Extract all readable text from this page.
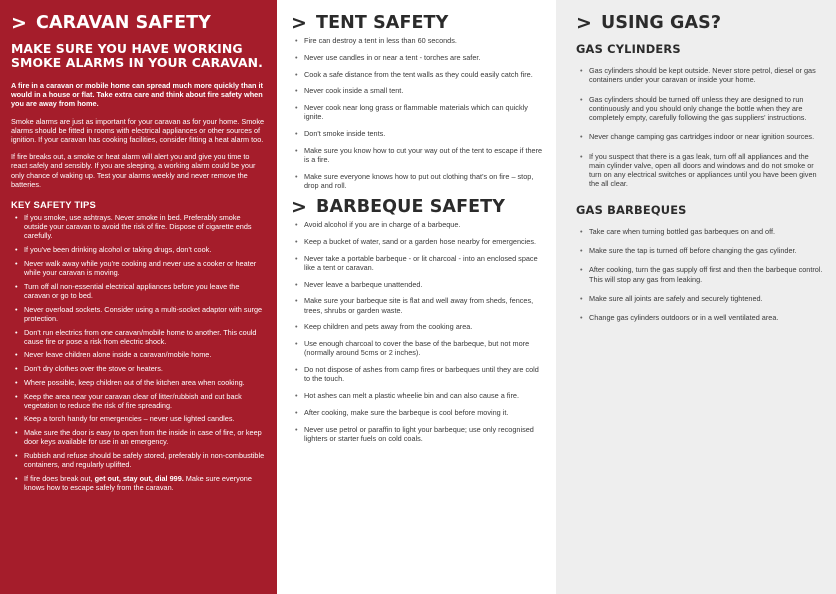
> CARAVAN SAFETY
MAKE SURE YOU HAVE WORKING SMOKE ALARMS IN YOUR CARAVAN.

A fire in a caravan or mobile home can spread much more quickly than it would in a house or flat. Take extra care and think about fire safety when you are away from home.

Smoke alarms are just as important for your caravan as for your home. Smoke alarms should be fitted in rooms with electrical appliances or other sources of ignition. If your caravan has cooking facilities, consider fitting a heat alarm too.

If fire breaks out, a smoke or heat alarm will alert you and give you time to react safely and sensibly. If you are sleeping, a working alarm could be your only chance of waking up. Test your alarms weekly and never remove the batteries.

KEY SAFETY TIPS
• If you smoke, use ashtrays. Never smoke in bed. Preferably smoke outside your caravan to avoid the risk of fire. Dispose of cigarette ends carefully.
• If you've been drinking alcohol or taking drugs, don't cook.
• Never walk away while you're cooking and never use a cooker or heater while your caravan is moving.
• Turn off all non-essential electrical appliances before you leave the caravan or go to bed.
• Never overload sockets. Consider using a multi-socket adaptor with surge protection.
• Don't run electrics from one caravan/mobile home to another. This could cause fire or pose a risk from electric shock.
• Never leave children alone inside a caravan/mobile home.
• Don't dry clothes over the stove or heaters.
• Where possible, keep children out of the kitchen area when cooking.
• Keep the area near your caravan clear of litter/rubbish and cut back vegetation to reduce the risk of fire spreading.
• Keep a torch handy for emergencies – never use lighted candles.
• Make sure the door is easy to open from the inside in case of fire, or keep door keys available for use in an emergency.
• Rubbish and refuse should be safely stored, preferably in non-combustible containers, and regularly uplifted.
• If fire does break out, get out, stay out, dial 999. Make sure everyone knows how to escape safely from the caravan.
> TENT SAFETY
• Fire can destroy a tent in less than 60 seconds.
• Never use candles in or near a tent - torches are safer.
• Cook a safe distance from the tent walls as they could easily catch fire.
• Never cook inside a small tent.
• Never cook near long grass or flammable materials which can quickly ignite.
• Don't smoke inside tents.
• Make sure you know how to cut your way out of the tent to escape if there is a fire.
• Make sure everyone knows how to put out clothing that's on fire – stop, drop and roll.
> BARBEQUE SAFETY
• Avoid alcohol if you are in charge of a barbeque.
• Keep a bucket of water, sand or a garden hose nearby for emergencies.
• Never take a portable barbeque - or lit charcoal - into an enclosed space like a tent or caravan.
• Never leave a barbeque unattended.
• Make sure your barbeque site is flat and well away from sheds, fences, trees, shrubs or garden waste.
• Keep children and pets away from the cooking area.
• Use enough charcoal to cover the base of the barbeque, but not more (normally around 5cms or 2 inches).
• Do not dispose of ashes from camp fires or barbeques until they are cold to the touch.
• Hot ashes can melt a plastic wheelie bin and can also cause a fire.
• After cooking, make sure the barbeque is cool before moving it.
• Never use petrol or paraffin to light your barbeque; use only recognised lighters or starter fuels on cold coals.
> USING GAS?
GAS CYLINDERS
• Gas cylinders should be kept outside. Never store petrol, diesel or gas containers under your caravan or inside your home.
• Gas cylinders should be turned off unless they are designed to run continuously and you should only change the bottle when they are completely empty, carefully following the gas suppliers' instructions.
• Never change camping gas cartridges indoor or near ignition sources.
• If you suspect that there is a gas leak, turn off all appliances and the main cylinder valve, open all doors and windows and do not smoke or turn on any electrical switches or appliances until you have been given the all clear.
GAS BARBEQUES
• Take care when turning bottled gas barbeques on and off.
• Make sure the tap is turned off before changing the gas cylinder.
• After cooking, turn the gas supply off first and then the barbeque control. This will stop any gas from leaking.
• Make sure all joints are safely and securely tightened.
• Change gas cylinders outdoors or in a well ventilated area.
